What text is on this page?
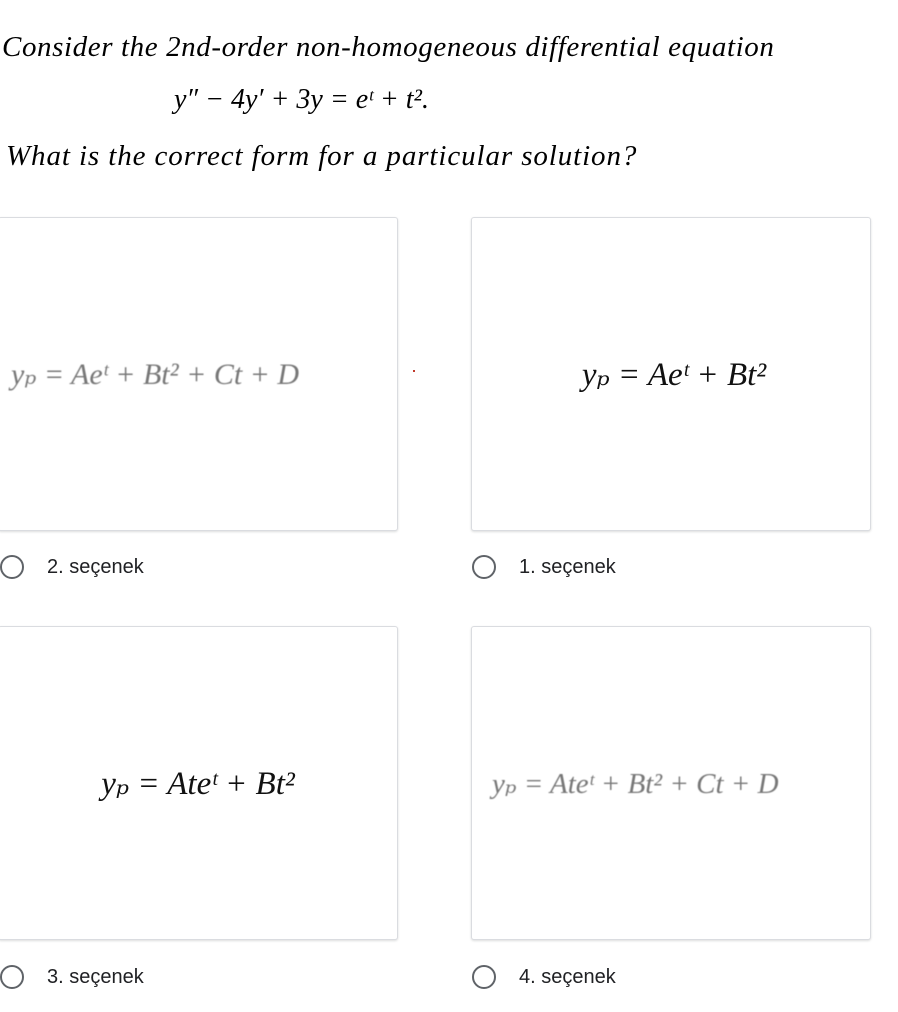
Consider the 2nd-order non-homogeneous differential equation
y″ − 4y′ + 3y = eᵗ + t².
What is the correct form for a particular solution?
yₚ = Aeᵗ + Bt² + Ct + D	yₚ = Aeᵗ + Bt²
2. seçenek	1. seçenek
yₚ = Ateᵗ + Bt²	yₚ = Ateᵗ + Bt² + Ct + D
3. seçenek	4. seçenek
